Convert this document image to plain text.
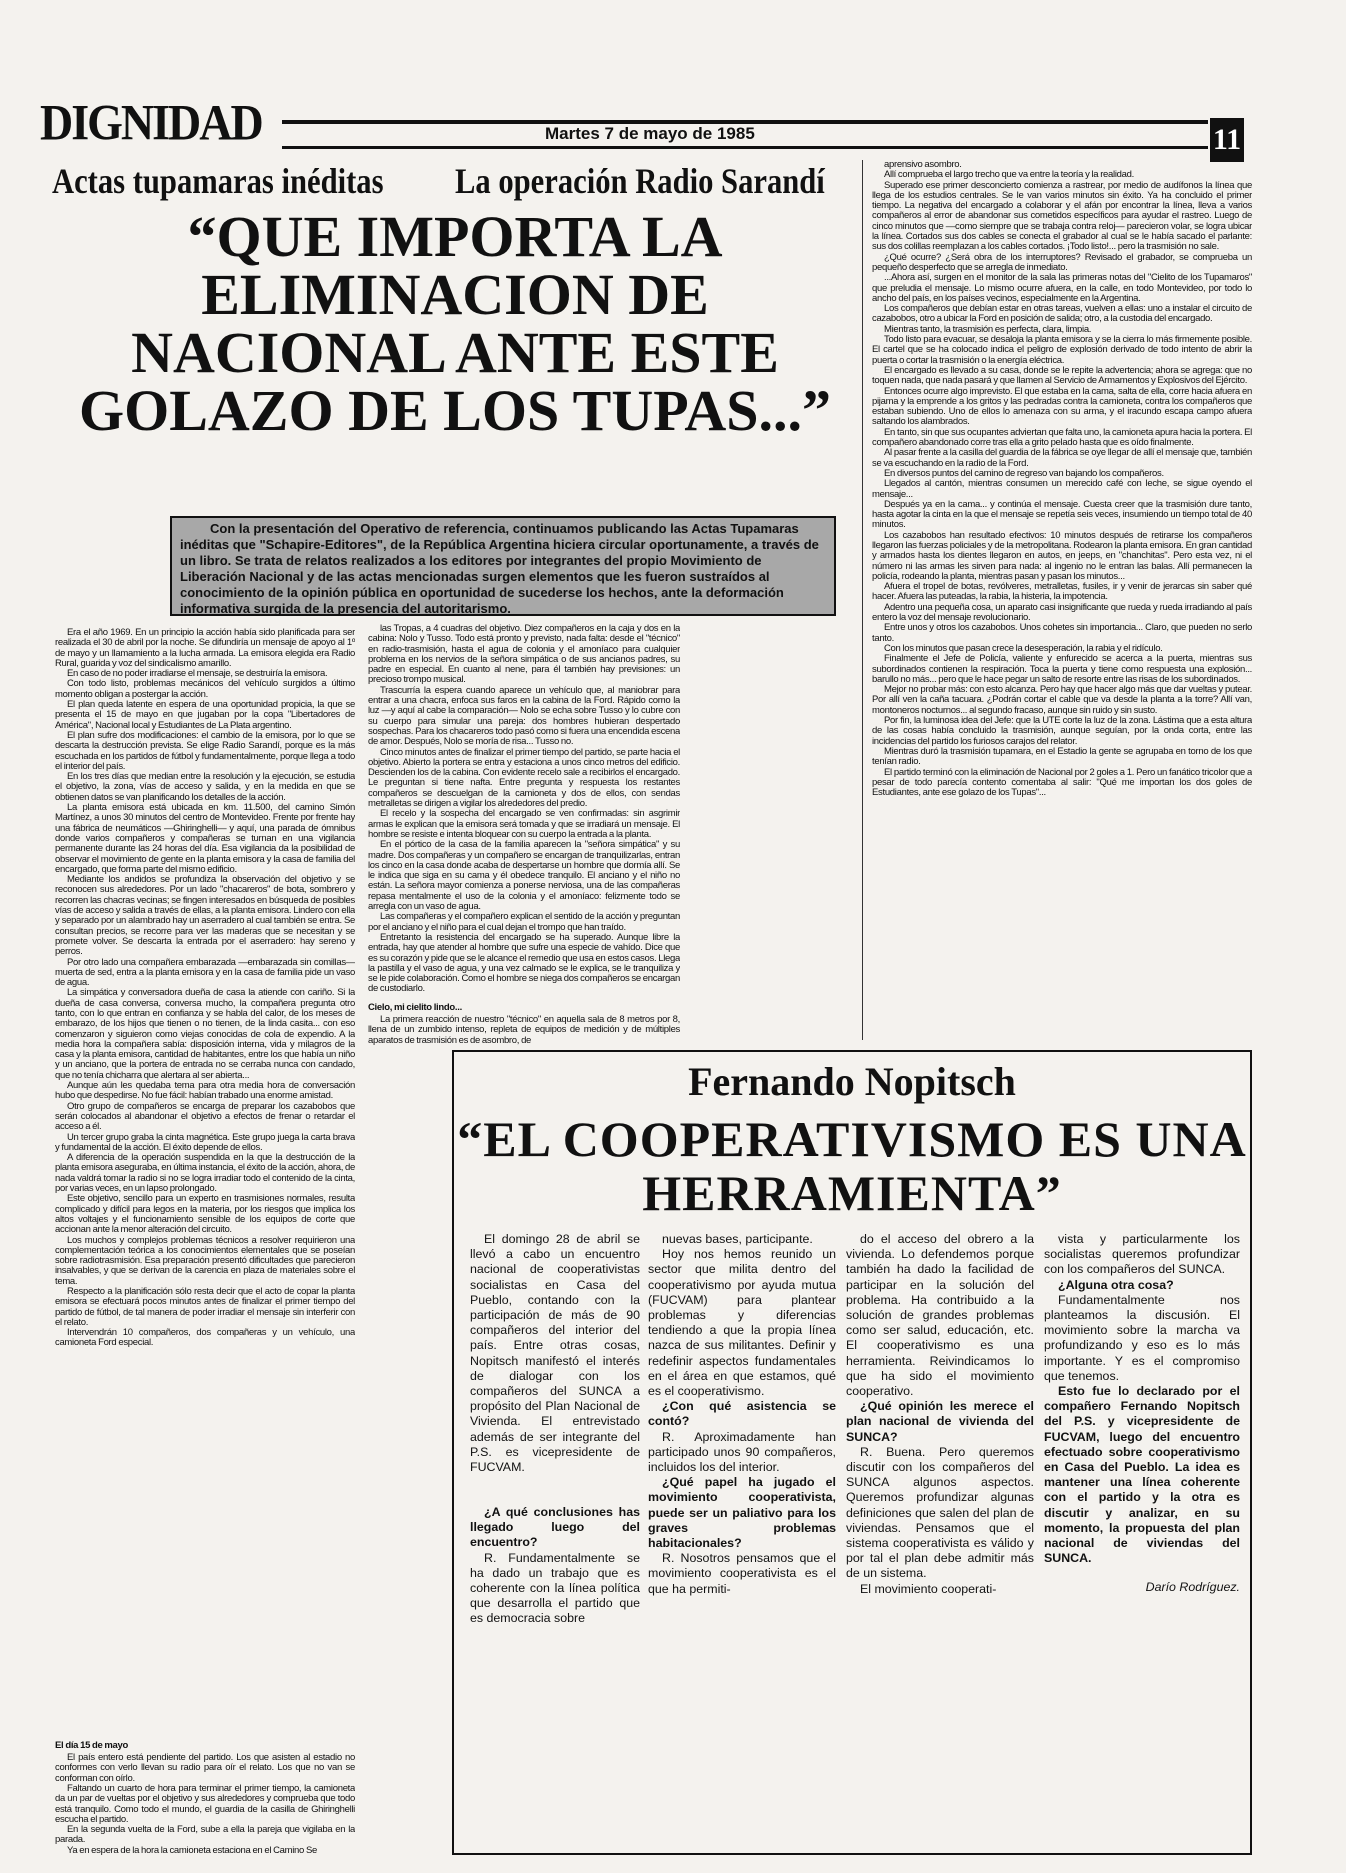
DIGNIDAD	Martes 7 de mayo de 1985	11
Actas tupamaras inéditas La operación Radio Sarandí
“QUE IMPORTA LA ELIMINACION DE NACIONAL ANTE ESTE GOLAZO DE LOS TUPAS...”
Con la presentación del Operativo de referencia, continuamos publicando las Actas Tupamaras inéditas que "Schapire-Editores", de la República Argentina hiciera circular oportunamente, a través de un libro. Se trata de relatos realizados a los editores por integrantes del propio Movimiento de Liberación Nacional y de las actas mencionadas surgen elementos que les fueron sustraídos al conocimiento de la opinión pública en oportunidad de sucederse los hechos, ante la deformación informativa surgida de la presencia del autoritarismo.

Era el año 1969. En un principio la acción había sido planificada para ser realizada el 30 de abril por la noche. Se difundiría un mensaje de apoyo al 1º de mayo y un llamamiento a la lucha armada. La emisora elegida era Radio Rural, guarida y voz del sindicalismo amarillo.

En caso de no poder irradiarse el mensaje, se destruiría la emisora.

Con todo listo, problemas mecánicos del vehículo surgidos a último momento obligan a postergar la acción.

El plan queda latente en espera de una oportunidad propicia, la que se presenta el 15 de mayo en que jugaban por la copa "Libertadores de América", Nacional local y Estudiantes de La Plata argentino.

El plan sufre dos modificaciones: el cambio de la emisora, por lo que se descarta la destrucción prevista. Se elige Radio Sarandí, porque es la más escuchada en los partidos de fútbol y fundamentalmente, porque llega a todo el interior del país.

En los tres días que median entre la resolución y la ejecución, se estudia el objetivo, la zona, vías de acceso y salida, y en la medida en que se obtienen datos se van planificando los detalles de la acción.

La planta emisora está ubicada en km. 11.500, del camino Simón Martínez, a unos 30 minutos del centro de Montevideo. Frente por frente hay una fábrica de neumáticos —Ghiringhelli— y aquí, una parada de ómnibus donde varios compañeros y compañeras se turnan en una vigilancia permanente durante las 24 horas del día. Esa vigilancia da la posibilidad de observar el movimiento de gente en la planta emisora y la casa de familia del encargado, que forma parte del mismo edificio.

Mediante los andidos se profundiza la observación del objetivo y se reconocen sus alrededores. Por un lado "chacareros" de bota, sombrero y recorren las chacras vecinas; se fingen interesados en búsqueda de posibles vías de acceso y salida a través de ellas, a la planta emisora. Lindero con ella y separado por un alambrado hay un aserradero al cual también se entra. Se consultan precios, se recorre para ver las maderas que se necesitan y se promete volver. Se descarta la entrada por el aserradero: hay sereno y perros.

Por otro lado una compañera embarazada —embarazada sin comillas— muerta de sed, entra a la planta emisora y en la casa de familia pide un vaso de agua.

La simpática y conversadora dueña de casa la atiende con cariño. Si la dueña de casa conversa, conversa mucho, la compañera pregunta otro tanto, con lo que entran en confianza y se habla del calor, de los meses de embarazo, de los hijos que tienen o no tienen, de la linda casita... con eso comenzaron y siguieron como viejas conocidas de cola de expendio. A la media hora la compañera sabía: disposición interna, vida y milagros de la casa y la planta emisora, cantidad de habitantes, entre los que había un niño y un anciano, que la portera de entrada no se cerraba nunca con candado, que no tenía chicharra que alertara al ser abierta...

Aunque aún les quedaba tema para otra media hora de conversación hubo que despedirse. No fue fácil: habían trabado una enorme amistad.

Otro grupo de compañeros se encarga de preparar los cazabobos que serán colocados al abandonar el objetivo a efectos de frenar o retardar el acceso a él.

Un tercer grupo graba la cinta magnética. Este grupo juega la carta brava y fundamental de la acción. El éxito depende de ellos.

A diferencia de la operación suspendida en la que la destrucción de la planta emisora aseguraba, en última instancia, el éxito de la acción, ahora, de nada valdrá tomar la radio si no se logra irradiar todo el contenido de la cinta, por varias veces, en un lapso prolongado.

Este objetivo, sencillo para un experto en trasmisiones normales, resulta complicado y difícil para legos en la materia, por los riesgos que implica los altos voltajes y el funcionamiento sensible de los equipos de corte que accionan ante la menor alteración del circuito.

Los muchos y complejos problemas técnicos a resolver requirieron una complementación teórica a los conocimientos elementales que se poseían sobre radiotrasmisión. Esa preparación presentó dificultades que parecieron insalvables, y que se derivan de la carencia en plaza de materiales sobre el tema.

Respecto a la planificación sólo resta decir que el acto de copar la planta emisora se efectuará pocos minutos antes de finalizar el primer tiempo del partido de fútbol, de tal manera de poder irradiar el mensaje sin interferir con el relato.

Intervendrán 10 compañeros, dos compañeras y un vehículo, una camioneta Ford especial.

El día 15 de mayo

El país entero está pendiente del partido. Los que asisten al estadio no conformes con verlo llevan su radio para oír el relato. Los que no van se conforman con oírlo.

Faltando un cuarto de hora para terminar el primer tiempo, la camioneta da un par de vueltas por el objetivo y sus alrededores y comprueba que todo está tranquilo. Como todo el mundo, el guardia de la casilla de Ghiringhelli escucha el partido.

En la segunda vuelta de la Ford, sube a ella la pareja que vigilaba en la parada.

Ya en espera de la hora la camioneta estaciona en el Camino Se

las Tropas, a 4 cuadras del objetivo. Diez compañeros en la caja y dos en la cabina: Nolo y Tusso. Todo está pronto y previsto, nada falta: desde el "técnico" en radio-trasmisión, hasta el agua de colonia y el amoníaco para cualquier problema en los nervios de la señora simpática o de sus ancianos padres, su padre en especial. En cuanto al nene, para él también hay previsiones: un precioso trompo musical.

Trascurría la espera cuando aparece un vehículo que, al maniobrar para entrar a una chacra, enfoca sus faros en la cabina de la Ford. Rápido como la luz —y aquí al cabe la comparación— Nolo se echa sobre Tusso y lo cubre con su cuerpo para simular una pareja: dos hombres hubieran despertado sospechas. Para los chacareros todo pasó como si fuera una encendida escena de amor. Después, Nolo se moría de risa... Tusso no.

Cinco minutos antes de finalizar el primer tiempo del partido, se parte hacia el objetivo. Abierto la portera se entra y estaciona a unos cinco metros del edificio. Descienden los de la cabina. Con evidente recelo sale a recibirlos el encargado. Le preguntan si tiene nafta. Entre pregunta y respuesta los restantes compañeros se descuelgan de la camioneta y dos de ellos, con sendas metralletas se dirigen a vigilar los alrededores del predio.

El recelo y la sospecha del encargado se ven confirmadas: sin asgrimir armas le explican que la emisora será tomada y que se irradiará un mensaje. El hombre se resiste e intenta bloquear con su cuerpo la entrada a la planta.

En el pórtico de la casa de la familia aparecen la "señora simpática" y su madre. Dos compañeras y un compañero se encargan de tranquilizarlas, entran los cinco en la casa donde acaba de despertarse un hombre que dormía allí. Se le indica que siga en su cama y él obedece tranquilo. El anciano y el niño no están. La señora mayor comienza a ponerse nerviosa, una de las compañeras repasa mentalmente el uso de la colonia y el amoníaco: felizmente todo se arregla con un vaso de agua.

Las compañeras y el compañero explican el sentido de la acción y preguntan por el anciano y el niño para el cual dejan el trompo que han traído.

Entretanto la resistencia del encargado se ha superado. Aunque libre la entrada, hay que atender al hombre que sufre una especie de vahído. Dice que es su corazón y pide que se le alcance el remedio que usa en estos casos. Llega la pastilla y el vaso de agua, y una vez calmado se le explica, se le tranquiliza y se le pide colaboración. Como el hombre se niega dos compañeros se encargan de custodiarlo.

Cielo, mi cielito lindo...

La primera reacción de nuestro "técnico" en aquella sala de 8 metros por 8, llena de un zumbido intenso, repleta de equipos de medición y de múltiples aparatos de trasmisión es de asombro, de

aprensivo asombro.

Allí comprueba el largo trecho que va entre la teoría y la realidad.

Superado ese primer desconcierto comienza a rastrear, por medio de audífonos la línea que llega de los estudios centrales. Se le van varios minutos sin éxito. Ya ha concluido el primer tiempo. La negativa del encargado a colaborar y el afán por encontrar la línea, lleva a varios compañeros al error de abandonar sus cometidos específicos para ayudar el rastreo. Luego de cinco minutos que —como siempre que se trabaja contra reloj— parecieron volar, se logra ubicar la línea. Cortados sus dos cables se conecta el grabador al cual se le había sacado el parlante: sus dos colillas reemplazan a los cables cortados. ¡Todo listo!... pero la trasmisión no sale.

¿Qué ocurre? ¿Será obra de los interruptores? Revisado el grabador, se comprueba un pequeño desperfecto que se arregla de inmediato.

...Ahora así, surgen en el monitor de la sala las primeras notas del "Cielito de los Tupamaros" que preludia el mensaje. Lo mismo ocurre afuera, en la calle, en todo Montevideo, por todo lo ancho del país, en los países vecinos, especialmente en la Argentina.

Los compañeros que debían estar en otras tareas, vuelven a ellas: uno a instalar el circuito de cazabobos, otro a ubicar la Ford en posición de salida; otro, a la custodia del encargado.

Mientras tanto, la trasmisión es perfecta, clara, limpia.

Todo listo para evacuar, se desaloja la planta emisora y se la cierra lo más firmemente posible. El cartel que se ha colocado indica el peligro de explosión derivado de todo intento de abrir la puerta o cortar la trasmisión o la energía eléctrica.

El encargado es llevado a su casa, donde se le repite la advertencia; ahora se agrega: que no toquen nada, que nada pasará y que llamen al Servicio de Armamentos y Explosivos del Ejército.

Entonces ocurre algo imprevisto. El que estaba en la cama, salta de ella, corre hacia afuera en pijama y la emprende a los gritos y las pedradas contra la camioneta, contra los compañeros que estaban subiendo. Uno de ellos lo amenaza con su arma, y el iracundo escapa campo afuera saltando los alambrados.

En tanto, sin que sus ocupantes adviertan que falta uno, la camioneta apura hacia la portera. El compañero abandonado corre tras ella a grito pelado hasta que es oído finalmente.

Al pasar frente a la casilla del guardia de la fábrica se oye llegar de allí el mensaje que, también se va escuchando en la radio de la Ford.

En diversos puntos del camino de regreso van bajando los compañeros.

Llegados al cantón, mientras consumen un merecido café con leche, se sigue oyendo el mensaje...

Después ya en la cama... y continúa el mensaje. Cuesta creer que la trasmisión dure tanto, hasta agotar la cinta en la que el mensaje se repetía seis veces, insumiendo un tiempo total de 40 minutos.

Los cazabobos han resultado efectivos: 10 minutos después de retirarse los compañeros llegaron las fuerzas policiales y de la metropolitana. Rodearon la planta emisora. En gran cantidad y armados hasta los dientes llegaron en autos, en jeeps, en "chanchitas". Pero esta vez, ni el número ni las armas les sirven para nada: al ingenio no le entran las balas. Allí permanecen la policía, rodeando la planta, mientras pasan y pasan los minutos...

Afuera el tropel de botas, revólveres, metralletas, fusiles, ir y venir de jerarcas sin saber qué hacer. Afuera las puteadas, la rabia, la histeria, la impotencia.

Adentro una pequeña cosa, un aparato casi insignificante que rueda y rueda irradiando al país entero la voz del mensaje revolucionario.

Entre unos y otros los cazabobos. Unos cohetes sin importancia... Claro, que pueden no serlo tanto.

Con los minutos que pasan crece la desesperación, la rabia y el ridículo.

Finalmente el Jefe de Policía, valiente y enfurecido se acerca a la puerta, mientras sus subordinados contienen la respiración. Toca la puerta y tiene como respuesta una explosión... barullo no más... pero que le hace pegar un salto de resorte entre las risas de los subordinados.

Mejor no probar más: con esto alcanza. Pero hay que hacer algo más que dar vueltas y putear. Por allí ven la caña tacuara. ¿Podrán cortar el cable que va desde la planta a la torre? Allí van, montoneros nocturnos... al segundo fracaso, aunque sin ruido y sin susto.

Por fin, la luminosa idea del Jefe: que la UTE corte la luz de la zona. Lástima que a esta altura de las cosas había concluido la trasmisión, aunque seguían, por la onda corta, entre las incidencias del partido los furiosos carajos del relator.

Mientras duró la trasmisión tupamara, en el Estadio la gente se agrupaba en torno de los que tenían radio.

El partido terminó con la eliminación de Nacional por 2 goles a 1. Pero un fanático tricolor que a pesar de todo parecía contento comentaba al salir: "Qué me importan los dos goles de Estudiantes, ante ese golazo de los Tupas"...

Fernando Nopitsch
“EL COOPERATIVISMO ES UNA HERRAMIENTA”

El domingo 28 de abril se llevó a cabo un encuentro nacional de cooperativistas socialistas en Casa del Pueblo, contando con la participación de más de 90 compañeros del interior del país. Entre otras cosas, Nopitsch manifestó el interés de dialogar con los compañeros del SUNCA a propósito del Plan Nacional de Vivienda. El entrevistado además de ser integrante del P.S. es vicepresidente de FUCVAM.

¿A qué conclusiones has llegado luego del encuentro?

R. Fundamentalmente se ha dado un trabajo que es coherente con la línea política que desarrolla el partido que es democracia sobre

nuevas bases, participante.

Hoy nos hemos reunido un sector que milita dentro del cooperativismo por ayuda mutua (FUCVAM) para plantear problemas y diferencias tendiendo a que la propia línea nazca de sus militantes. Definir y redefinir aspectos fundamentales en el área en que estamos, qué es el cooperativismo.

¿Con qué asistencia se contó?

R. Aproximadamente han participado unos 90 compañeros, incluidos los del interior.

¿Qué papel ha jugado el movimiento cooperativista, puede ser un paliativo para los graves problemas habitacionales?

R. Nosotros pensamos que el movimiento cooperativista es el que ha permiti-

do el acceso del obrero a la vivienda. Lo defendemos porque también ha dado la facilidad de participar en la solución del problema. Ha contribuido a la solución de grandes problemas como ser salud, educación, etc. El cooperativismo es una herramienta. Reivindicamos lo que ha sido el movimiento cooperativo.

¿Qué opinión les merece el plan nacional de vivienda del SUNCA?

R. Buena. Pero queremos discutir con los compañeros del SUNCA algunos aspectos. Queremos profundizar algunas definiciones que salen del plan de viviendas. Pensamos que el sistema cooperativista es válido y por tal el plan debe admitir más de un sistema.

El movimiento cooperati-

vista y particularmente los socialistas queremos profundizar con los compañeros del SUNCA.

¿Alguna otra cosa?

Fundamentalmente nos planteamos la discusión. El movimiento sobre la marcha va profundizando y eso es lo más importante. Y es el compromiso que tenemos.

Esto fue lo declarado por el compañero Fernando Nopitsch del P.S. y vicepresidente de FUCVAM, luego del encuentro efectuado sobre cooperativismo en Casa del Pueblo. La idea es mantener una línea coherente con el partido y la otra es discutir y analizar, en su momento, la propuesta del plan nacional de viviendas del SUNCA.

Darío Rodríguez.
